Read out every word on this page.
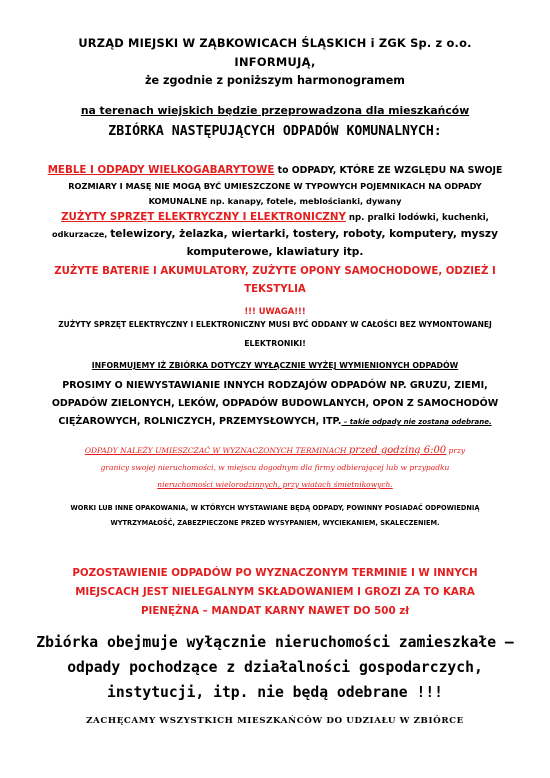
URZĄD MIEJSKI W ZĄBKOWICACH ŚLĄSKICH i ZGK Sp. z o.o.
INFORMUJĄ,
że zgodnie z poniższym harmonogramem
na terenach wiejskich będzie przeprowadzona dla mieszkańców
ZBIÓRKA NASTĘPUJĄCYCH ODPADÓW KOMUNALNYCH:
MEBLE I ODPADY WIELKOGABARYTOWE to ODPADY, KTÓRE ZE WZGLĘDU NA SWOJE
ROZMIARY I MASĘ NIE MOGĄ BYĆ UMIESZCZONE W TYPOWYCH POJEMNIKACH NA ODPADY
KOMUNALNE np. kanapy, fotele, meblościanki, dywany
ZUŻYTY SPRZĘT ELEKTRYCZNY I ELEKTRONICZNY np. pralki lodówki, kuchenki,
odkurzacze, telewizory, żelazka, wiertarki, tostery, roboty, komputery, myszy
komputerowe, klawiatury itp.
ZUŻYTE BATERIE I AKUMULATORY, ZUŻYTE OPONY SAMOCHODOWE, ODZIEŻ I
TEKSTYLIA
!!! UWAGA!!!
ZUŻYTY SPRZĘT ELEKTRYCZNY I ELEKTRONICZNY MUSI BYĆ ODDANY W CAŁOŚCI BEZ WYMONTOWANEJ
ELEKTRONIKI!
INFORMUJEMY IŻ ZBIÓRKA DOTYCZY WYŁĄCZNIE WYŻEJ WYMIENIONYCH ODPADÓW
PROSIMY O NIEWYSTAWIANIE INNYCH RODZAJÓW ODPADÓW NP. GRUZU, ZIEMI,
ODPADÓW ZIELONYCH, LEKÓW, ODPADÓW BUDOWLANYCH, OPON Z SAMOCHODÓW
CIĘŻAROWYCH, ROLNICZYCH, PRZEMYSŁOWYCH, ITP. – takie odpady nie zostaną odebrane.
ODPADY NALEŻY UMIESZCZAĆ W WYZNACZONYCH TERMINACH przed godziną 6:00 przy
granicy swojej nieruchomości, w miejscu dogodnym dla firmy odbierającej lub w przypadku
nieruchomości wielorodzinnych, przy wiatach śmietnikowych.
WORKI LUB INNE OPAKOWANIA, W KTÓRYCH WYSTAWIANE BĘDĄ ODPADY, POWINNY POSIADAĆ ODPOWIEDNIĄ
WYTRZYMAŁOŚĆ, ZABEZPIECZONE PRZED WYSYPANIEM, WYCIEKANIEM, SKALECZENIEM.
POZOSTAWIENIE ODPADÓW PO WYZNACZONYM TERMINIE I W INNYCH
MIEJSCACH JEST NIELEGALNYM SKŁADOWANIEM I GROZI ZA TO KARA
PIENĘŻNA – MANDAT KARNY NAWET DO 500 zł
Zbiórka obejmuje wyłącznie nieruchomości zamieszkałe –
odpady pochodzące z działalności gospodarczych,
instytucji, itp. nie będą odebrane !!!
ZACHĘCAMY WSZYSTKICH MIESZKAŃCÓW DO UDZIAŁU W ZBIÓRCE
